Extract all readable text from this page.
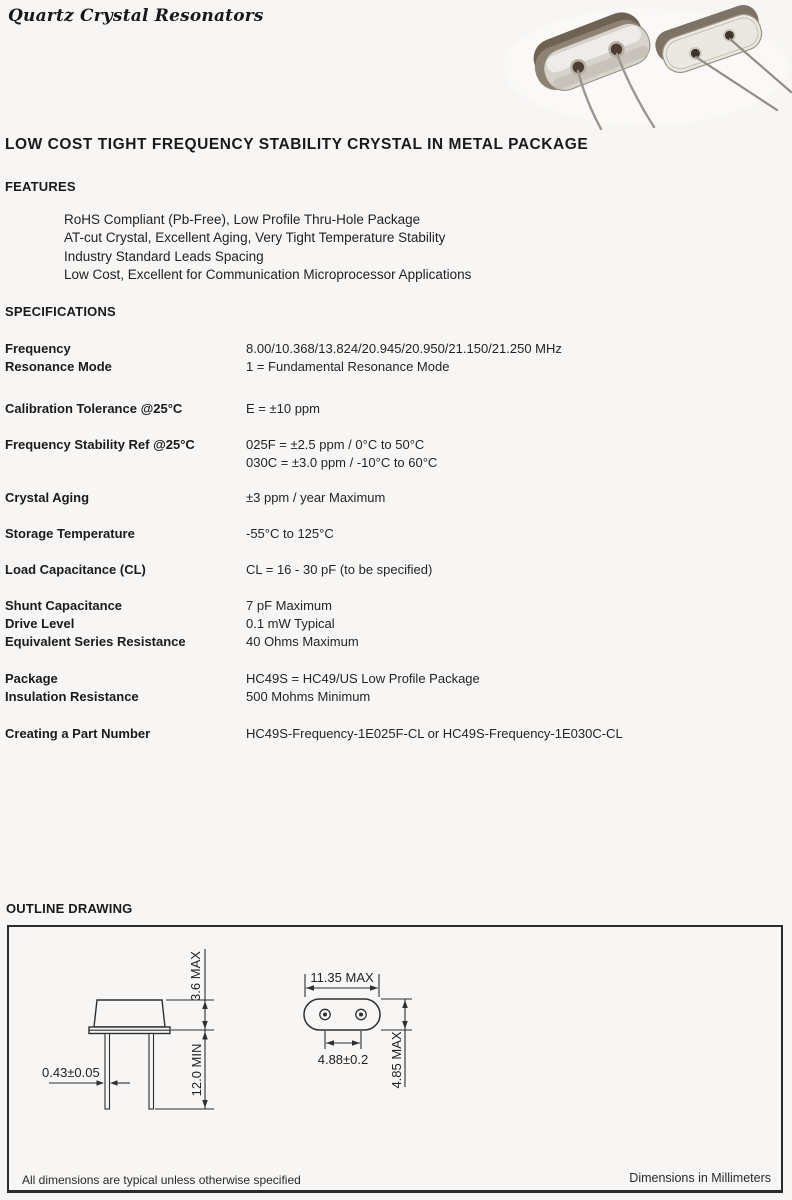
Quartz Crystal Resonators
LOW COST TIGHT FREQUENCY STABILITY CRYSTAL IN METAL PACKAGE
FEATURES
RoHS Compliant (Pb-Free), Low Profile Thru-Hole Package
AT-cut Crystal, Excellent Aging, Very Tight Temperature Stability
Industry Standard Leads Spacing
Low Cost, Excellent for Communication Microprocessor Applications
SPECIFICATIONS
Frequency	8.00/10.368/13.824/20.945/20.950/21.150/21.250 MHz
Resonance Mode	1 = Fundamental Resonance Mode
Calibration Tolerance @25°C	E = ±10 ppm
Frequency Stability Ref @25°C	025F = ±2.5 ppm / 0°C to 50°C
030C = ±3.0 ppm / -10°C to 60°C
Crystal Aging	±3 ppm / year Maximum
Storage Temperature	-55°C to 125°C
Load Capacitance (CL)	CL = 16 - 30 pF (to be specified)
Shunt Capacitance	7 pF Maximum
Drive Level	0.1 mW Typical
Equivalent Series Resistance	40 Ohms Maximum
Package	HC49S = HC49/US Low Profile Package
Insulation Resistance	500 Mohms Minimum
Creating a Part Number	HC49S-Frequency-1E025F-CL or HC49S-Frequency-1E030C-CL
OUTLINE DRAWING
3.6 MAX
12.0 MIN
0.43±0.05
11.35 MAX
4.88±0.2 4.85 MAX
All dimensions are typical unless otherwise specified	Dimensions in Millimeters
